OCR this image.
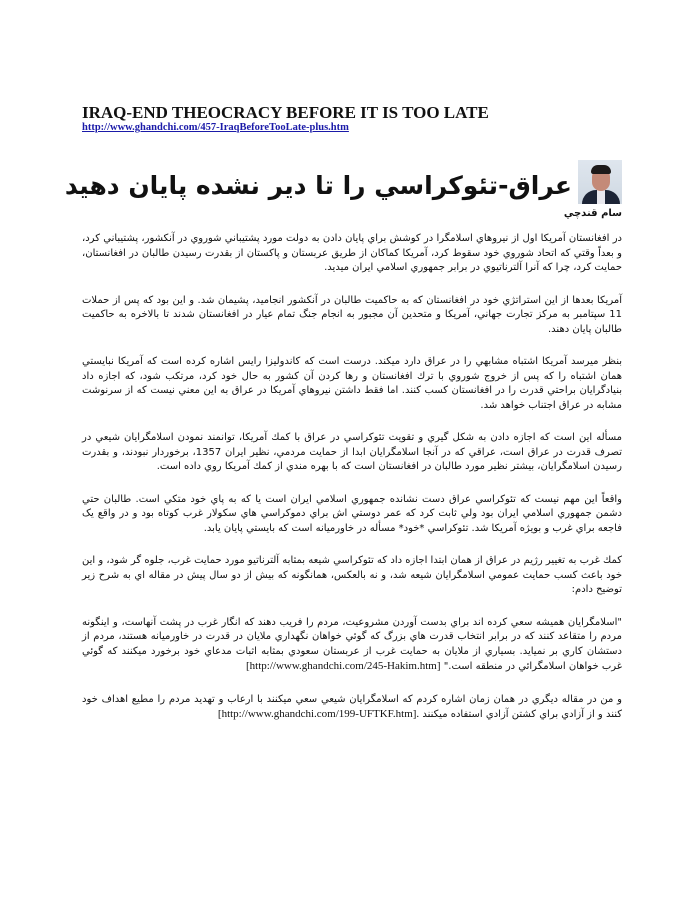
IRAQ-END THEOCRACY BEFORE IT IS TOO LATE
http://www.ghandchi.com/457-IraqBeforeTooLate-plus.htm
عراق-تئوكراسي را تا دير نشده پايان دهيد
سام قندچي

در افغانستان آمريكا اول از نيروهاي اسلامگرا در كوشش براي پايان دادن به دولت مورد پشتيباني شوروي در آنكشور، پشتيباني كرد، و بعداً وقتي كه اتحاد شوروي خود سقوط كرد، آمريكا كماكان از طريق عربستان و پاكستان از بقدرت رسيدن طالبان در افغانستان، حمايت كرد، چرا كه آنرا آلترناتيوي در برابر جمهوري اسلامي ايران ميديد.

آمريكا بعدها از اين استراتژي خود در افغانستان كه به حاكميت طالبان در آنكشور انجاميد، پشيمان شد. و اين بود كه پس از حملات 11 سپتامبر به مركز تجارت جهاني، آمريكا و متحدين آن مجبور به انجام جنگ تمام عيار در افغانستان شدند تا بالاخره به حاكميت طالبان پايان دهند.

بنظر ميرسد آمريكا اشتباه مشابهي را در عراق دارد ميكند. درست است كه كاندوليزا رايس اشاره كرده است كه آمريكا نبايستي همان اشتباه را كه پس از خروج شوروي با ترك افغانستان و رها كردن آن كشور به حال خود كرد، مرتكب شود، كه اجازه داد بنيادگرايان براحتي قدرت را در افغانستان كسب كنند. اما فقط داشتن نيروهاي آمريكا در عراق به اين معني نيست كه از سرنوشت مشابه در عراق اجتناب خواهد شد.

مسأله اين است كه اجازه دادن به شكل گيري و تقويت تئوكراسي در عراق با كمك آمريكا، توانمند نمودن اسلامگرايان شيعي در تصرف قدرت در عراق است، عراقي كه در آنجا اسلامگرايان ابدا از حمايت مردمي، نظير ايران 1357، برخوردار نبودند، و بقدرت رسيدن اسلامگرايان، بيشتر نظير مورد طالبان در افغانستان است كه با بهره مندي از كمك آمريكا روي داده است.

واقعاً اين مهم نيست كه تئوكراسي عراق دست نشانده جمهوري اسلامي ايران است يا كه به پاي خود متكي است. طالبان حتي دشمن جمهوري اسلامي ايران بود ولي ثابت كرد كه عمر دوستي اش براي دموكراسي هاي سكولار غرب كوتاه بود و در واقع يک فاجعه براي غرب و بويژه آمريكا شد. تئوكراسي *خود* مسأله در خاورميانه است كه بايستي پايان يابد.

كمك غرب به تغيير رژيم در عراق از همان ابتدا اجازه داد كه تئوكراسي شيعه بمثابه آلترناتيو مورد حمايت غرب، جلوه گر شود، و اين خود باعث كسب حمايت عمومي اسلامگرايان شيعه شد، و نه بالعكس، همانگونه كه بيش از دو سال پيش در مقاله اي به شرح زير توضيح دادم:

"اسلامگرايان هميشه سعي كرده اند براي بدست آوردن مشروعيت، مردم را فريب دهند كه انگار غرب در پشت آنهاست، و اينگونه مردم را متقاعد كنند كه در برابر انتخاب قدرت هاي بزرگ كه گوئي خواهان نگهداري ملايان در قدرت در خاورميانه هستند، مردم از دستشان كاري بر نميايد. بسياري از ملايان به حمايت غرب از عربستان سعودي بمثابه اثبات مدعاي خود برخورد ميكنند كه گوئي غرب خواهان اسلامگرائي در منطقه است." [http://www.ghandchi.com/245-Hakim.htm]

و من در مقاله ديگري در همان زمان اشاره كردم كه اسلامگرايان شيعي سعي ميكنند با ارعاب و تهديد مردم را مطيع اهداف خود كنند و از آزادي براي كشتن آزادي استفاده ميكنند [http://www.ghandchi.com/199-UFTKF.htm].
